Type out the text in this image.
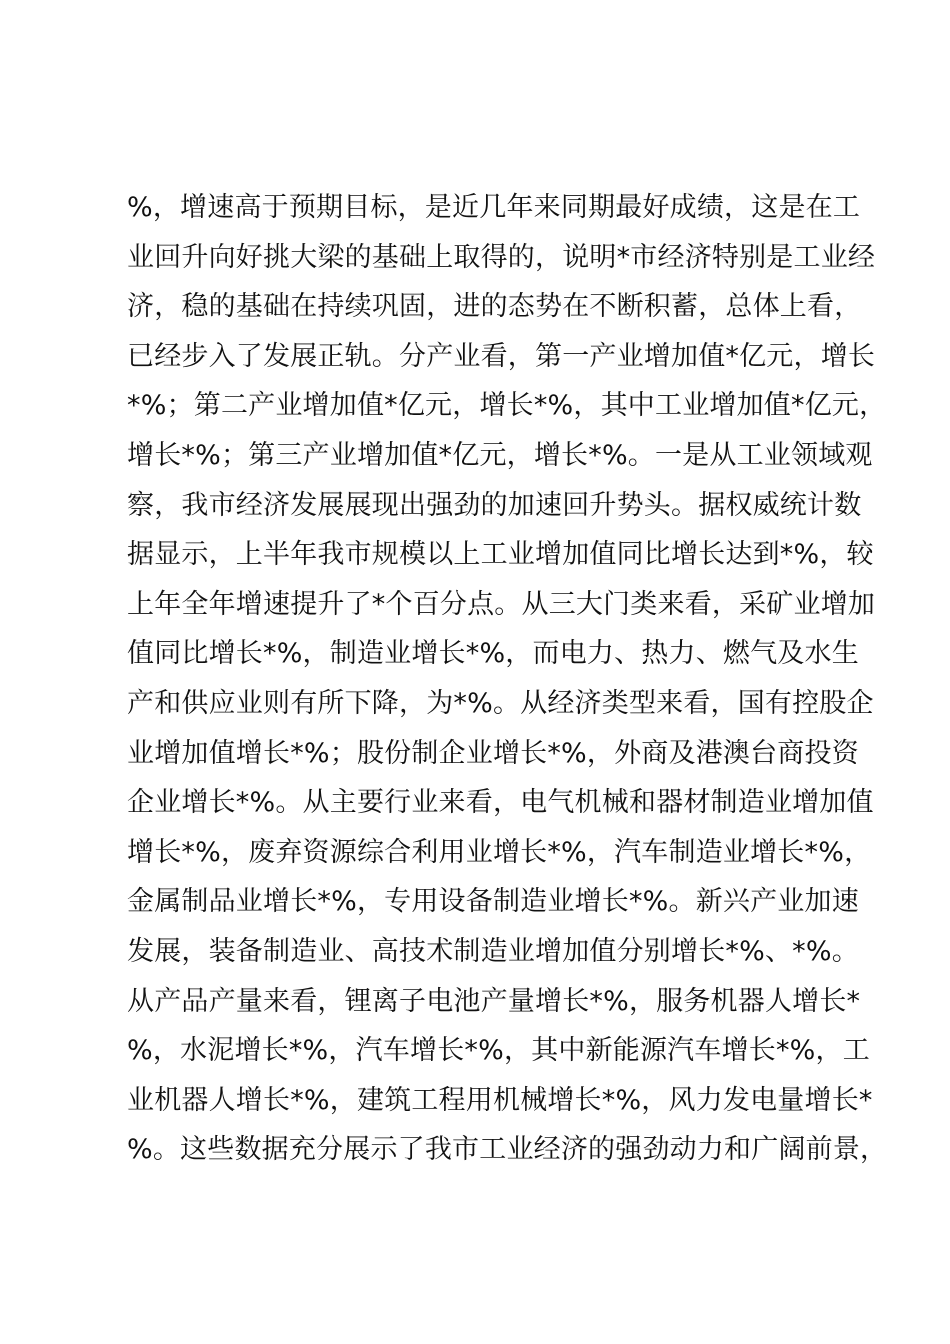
%，增速高于预期目标，是近几年来同期最好成绩，这是在工
业回升向好挑大梁的基础上取得的，说明*市经济特别是工业经
济，稳的基础在持续巩固，进的态势在不断积蓄，总体上看，
已经步入了发展正轨。分产业看，第一产业增加值*亿元，增长
*%；第二产业增加值*亿元，增长*%，其中工业增加值*亿元，
增长*%；第三产业增加值*亿元，增长*%。一是从工业领域观
察，我市经济发展展现出强劲的加速回升势头。据权威统计数
据显示，上半年我市规模以上工业增加值同比增长达到*%，较
上年全年增速提升了*个百分点。从三大门类来看，采矿业增加
值同比增长*%，制造业增长*%，而电力、热力、燃气及水生
产和供应业则有所下降，为*%。从经济类型来看，国有控股企
业增加值增长*%；股份制企业增长*%，外商及港澳台商投资
企业增长*%。从主要行业来看，电气机械和器材制造业增加值
增长*%，废弃资源综合利用业增长*%，汽车制造业增长*%，
金属制品业增长*%，专用设备制造业增长*%。新兴产业加速
发展，装备制造业、高技术制造业增加值分别增长*%、*%。
从产品产量来看，锂离子电池产量增长*%，服务机器人增长*
%，水泥增长*%，汽车增长*%，其中新能源汽车增长*%，工
业机器人增长*%，建筑工程用机械增长*%，风力发电量增长*
%。这些数据充分展示了我市工业经济的强劲动力和广阔前景，
